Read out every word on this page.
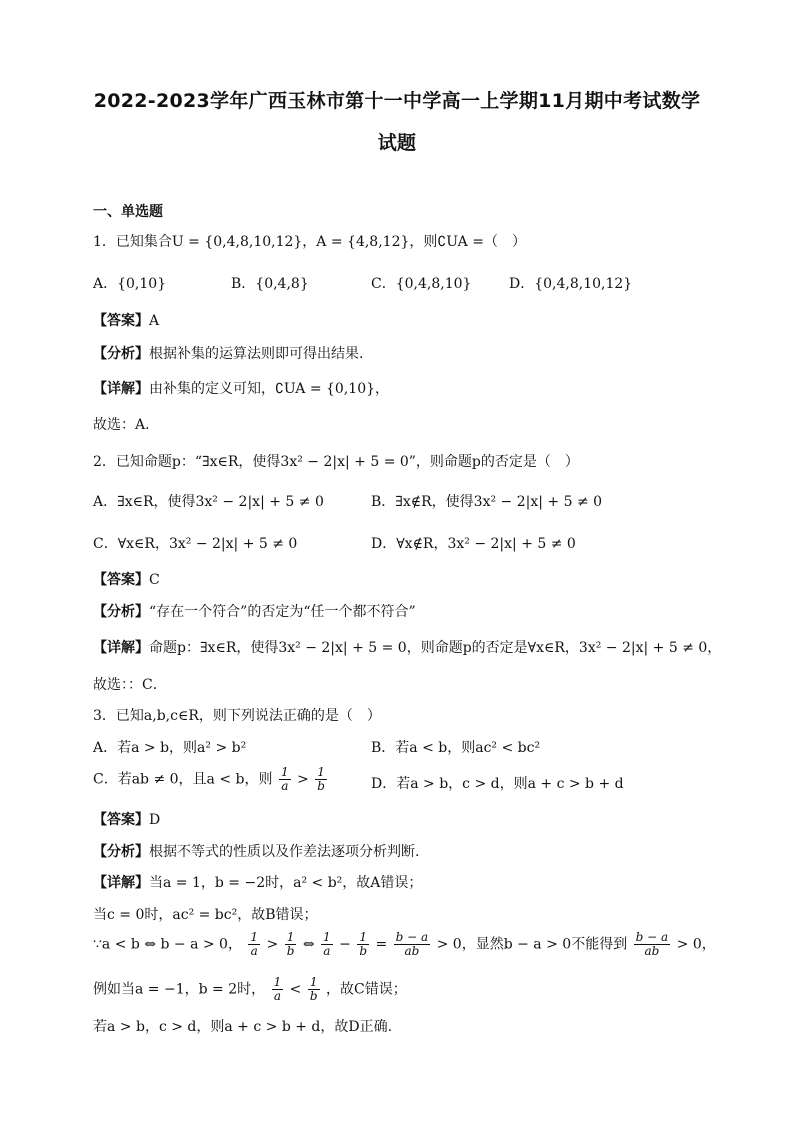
2022-2023学年广西玉林市第十一中学高一上学期11月期中考试数学
试题
一、单选题
1．已知集合U = {0,4,8,10,12}，A = {4,8,12}，则∁UA =（　）
A．{0,10}	B．{0,4,8}	C．{0,4,8,10}	D．{0,4,8,10,12}
【答案】A
【分析】根据补集的运算法则即可得出结果.
【详解】由补集的定义可知，∁UA = {0,10}，
故选：A．
2．已知命题p：“∃x∈R，使得3x² − 2|x| + 5 = 0”，则命题p的否定是（　）
A．∃x∈R，使得3x² − 2|x| + 5 ≠ 0	B．∃x∉R，使得3x² − 2|x| + 5 ≠ 0
C．∀x∈R，3x² − 2|x| + 5 ≠ 0	D．∀x∉R，3x² − 2|x| + 5 ≠ 0
【答案】C
【分析】“存在一个符合”的否定为“任一个都不符合”
【详解】命题p：∃x∈R，使得3x² − 2|x| + 5 = 0，则命题p的否定是∀x∈R，3x² − 2|x| + 5 ≠ 0，
故选：：C．
3．已知a,b,c∈R，则下列说法正确的是（　）
A．若a > b，则a² > b²	B．若a < b，则ac² < bc²
C．若ab ≠ 0，且a < b，则 $\frac{1}{a} > \frac{1}{b}$	D．若a > b，c > d，则a + c > b + d
【答案】D
【分析】根据不等式的性质以及作差法逐项分析判断.
【详解】当a = 1，b = −2时，a² < b²，故A错误；
当c = 0时，ac² = bc²，故B错误；
∵a < b ⇔ b − a > 0， $\frac{1}{a} > \frac{1}{b}$ ⇔ $\frac{1}{a} - \frac{1}{b} = \frac{b - a}{ab} > 0$，显然b − a > 0不能得到 $\frac{b - a}{ab} > 0$，
例如当a = −1，b = 2时， $\frac{1}{a} < \frac{1}{b}$ ，故C错误；
若a > b，c > d，则a + c > b + d，故D正确.
